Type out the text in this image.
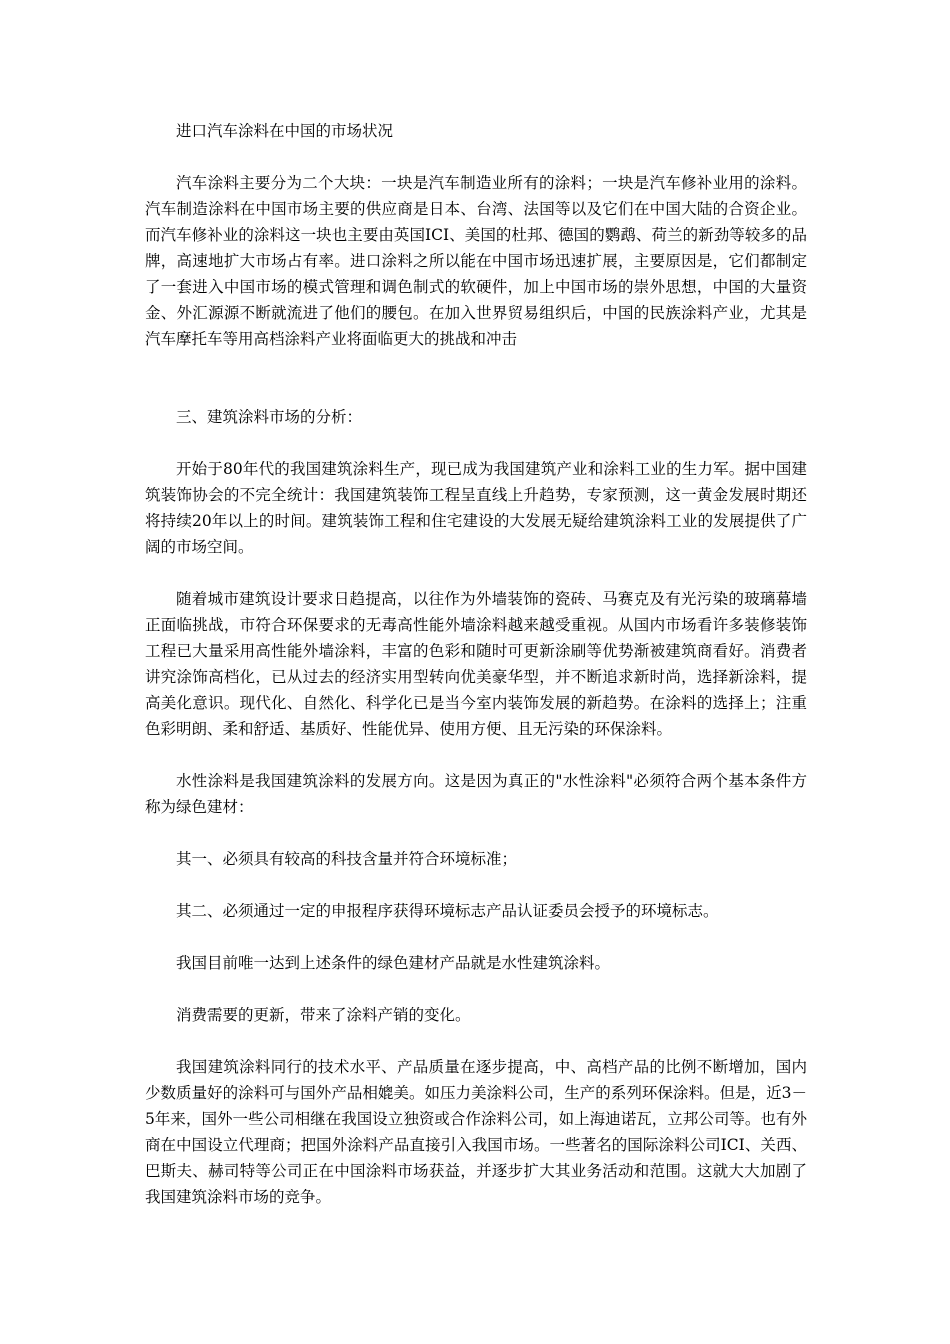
进口汽车涂料在中国的市场状况

汽车涂料主要分为二个大块：一块是汽车制造业所有的涂料；一块是汽车修补业用的涂料。汽车制造涂料在中国市场主要的供应商是日本、台湾、法国等以及它们在中国大陆的合资企业。而汽车修补业的涂料这一块也主要由英国ICI、美国的杜邦、德国的鹦鹉、荷兰的新劲等较多的品牌，高速地扩大市场占有率。进口涂料之所以能在中国市场迅速扩展，主要原因是，它们都制定了一套进入中国市场的模式管理和调色制式的软硬件，加上中国市场的崇外思想，中国的大量资金、外汇源源不断就流进了他们的腰包。在加入世界贸易组织后，中国的民族涂料产业，尤其是汽车摩托车等用高档涂料产业将面临更大的挑战和冲击

三、建筑涂料市场的分析：

开始于80年代的我国建筑涂料生产，现已成为我国建筑产业和涂料工业的生力军。据中国建筑装饰协会的不完全统计：我国建筑装饰工程呈直线上升趋势，专家预测，这一黄金发展时期还将持续20年以上的时间。建筑装饰工程和住宅建设的大发展无疑给建筑涂料工业的发展提供了广阔的市场空间。

随着城市建筑设计要求日趋提高，以往作为外墙装饰的瓷砖、马赛克及有光污染的玻璃幕墙正面临挑战，市符合环保要求的无毒高性能外墙涂料越来越受重视。从国内市场看许多装修装饰工程已大量采用高性能外墙涂料，丰富的色彩和随时可更新涂刷等优势渐被建筑商看好。消费者讲究涂饰高档化，已从过去的经济实用型转向优美豪华型，并不断追求新时尚，选择新涂料，提高美化意识。现代化、自然化、科学化已是当今室内装饰发展的新趋势。在涂料的选择上；注重色彩明朗、柔和舒适、基质好、性能优异、使用方便、且无污染的环保涂料。

水性涂料是我国建筑涂料的发展方向。这是因为真正的"水性涂料"必须符合两个基本条件方称为绿色建材：

其一、必须具有较高的科技含量并符合环境标准；

其二、必须通过一定的申报程序获得环境标志产品认证委员会授予的环境标志。

我国目前唯一达到上述条件的绿色建材产品就是水性建筑涂料。

消费需要的更新，带来了涂料产销的变化。

我国建筑涂料同行的技术水平、产品质量在逐步提高，中、高档产品的比例不断增加，国内少数质量好的涂料可与国外产品相媲美。如压力美涂料公司，生产的系列环保涂料。但是，近3－5年来，国外一些公司相继在我国设立独资或合作涂料公司，如上海迪诺瓦，立邦公司等。也有外商在中国设立代理商；把国外涂料产品直接引入我国市场。一些著名的国际涂料公司ICI、关西、巴斯夫、赫司特等公司正在中国涂料市场获益，并逐步扩大其业务活动和范围。这就大大加剧了我国建筑涂料市场的竞争。
